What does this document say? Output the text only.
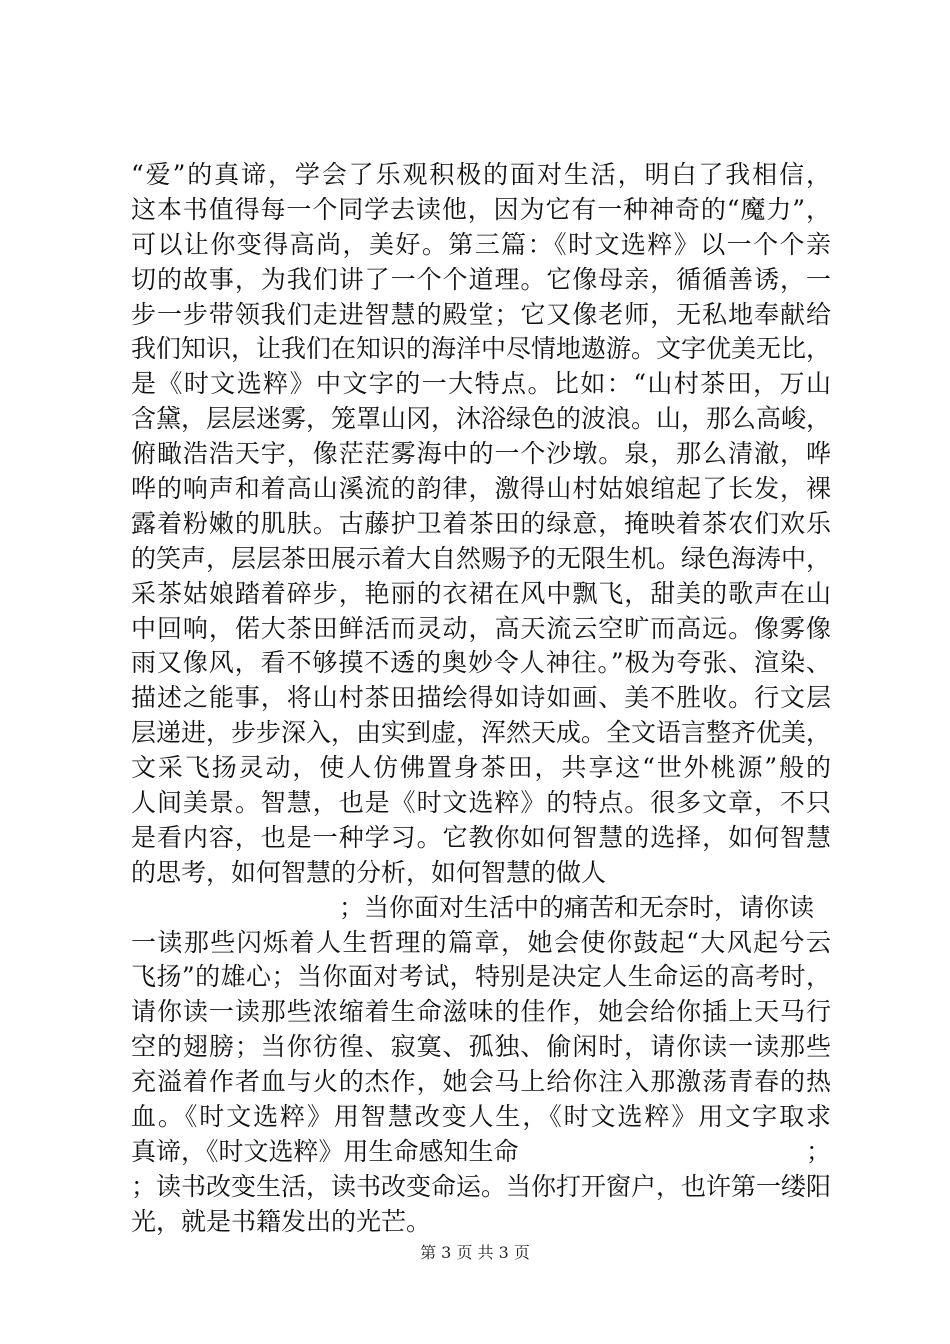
“爱”的真谛，学会了乐观积极的面对生活，明白了我相信，
这本书值得每一个同学去读他，因为它有一种神奇的“魔力”，
可以让你变得高尚，美好。第三篇：《时文选粹》以一个个亲
切的故事，为我们讲了一个个道理。它像母亲，循循善诱，一
步一步带领我们走进智慧的殿堂；它又像老师，无私地奉献给
我们知识，让我们在知识的海洋中尽情地遨游。文字优美无比，
是《时文选粹》中文字的一大特点。比如：“山村茶田，万山
含黛，层层迷雾，笼罩山冈，沐浴绿色的波浪。山，那么高峻，
俯瞰浩浩天宇，像茫茫雾海中的一个沙墩。泉，那么清澈，哗
哗的响声和着高山溪流的韵律，激得山村姑娘绾起了长发，裸
露着粉嫩的肌肤。古藤护卫着茶田的绿意，掩映着茶农们欢乐
的笑声，层层茶田展示着大自然赐予的无限生机。绿色海涛中，
采茶姑娘踏着碎步，艳丽的衣裙在风中飘飞，甜美的歌声在山
中回响，偌大茶田鲜活而灵动，高天流云空旷而高远。像雾像
雨又像风，看不够摸不透的奥妙令人神往。”极为夸张、渲染、
描述之能事，将山村茶田描绘得如诗如画、美不胜收。行文层
层递进，步步深入，由实到虚，浑然天成。全文语言整齐优美，
文采飞扬灵动，使人仿佛置身茶田，共享这“世外桃源”般的
人间美景。智慧，也是《时文选粹》的特点。很多文章，不只
是看内容，也是一种学习。它教你如何智慧的选择，如何智慧
的思考，如何智慧的分析，如何智慧的做人
；当你面对生活中的痛苦和无奈时，请你读
一读那些闪烁着人生哲理的篇章，她会使你鼓起“大风起兮云
飞扬”的雄心；当你面对考试，特别是决定人生命运的高考时，
请你读一读那些浓缩着生命滋味的佳作，她会给你插上天马行
空的翅膀；当你彷徨、寂寞、孤独、偷闲时，请你读一读那些
充溢着作者血与火的杰作，她会马上给你注入那激荡青春的热
血。《时文选粹》用智慧改变人生，《时文选粹》用文字取求
真谛，《时文选粹》用生命感知生命	；
；读书改变生活，读书改变命运。当你打开窗户，也许第一缕阳
光，就是书籍发出的光芒。
第 3 页 共 3 页
